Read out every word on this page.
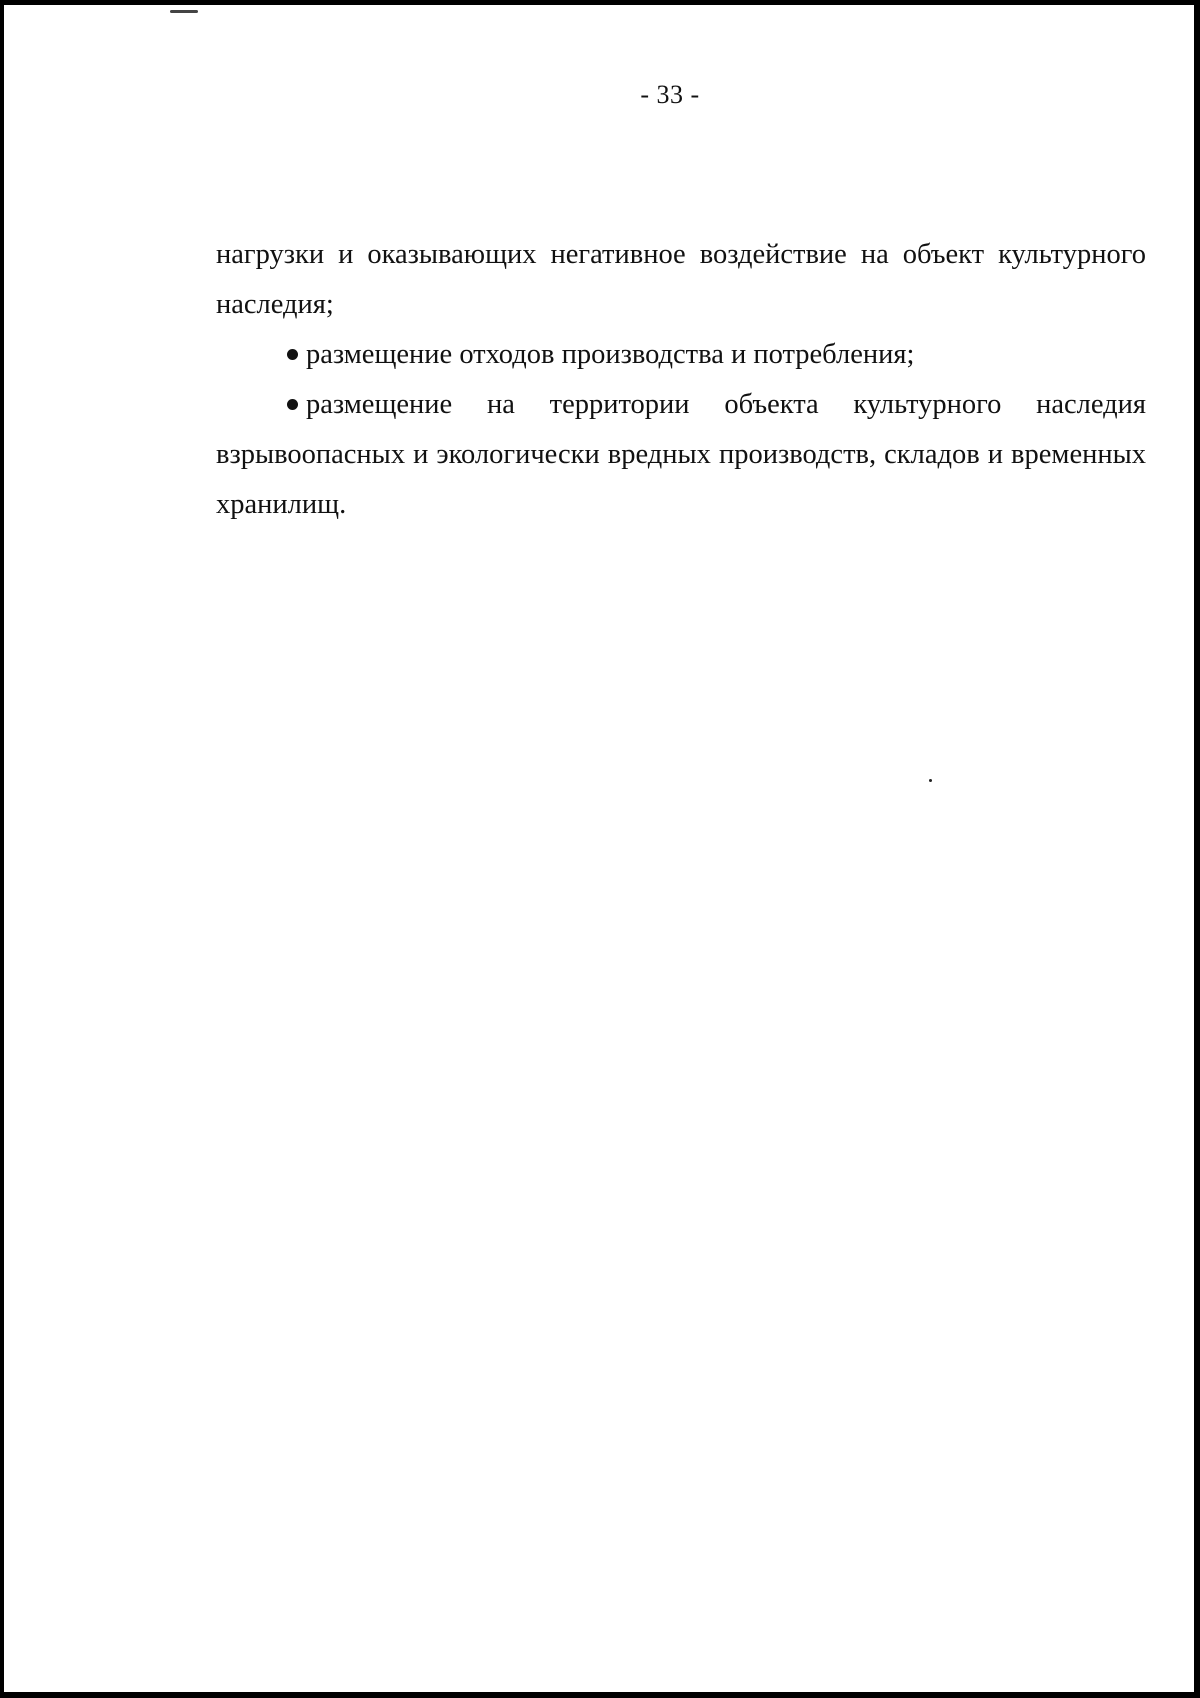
- 33 -

нагрузки и оказывающих негативное воздействие на объект культурного
наследия;

размещение отходов производства и потребления;

размещение на территории объекта культурного наследия
взрывоопасных и экологически вредных производств, складов и временных
хранилищ.
